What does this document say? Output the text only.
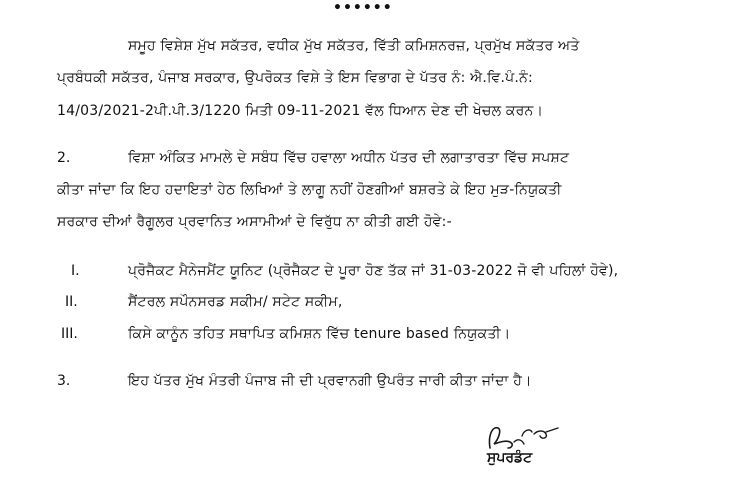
••••••
ਸਮੂਹ ਵਿਸ਼ੇਸ਼ ਮੁੱਖ ਸਕੱਤਰ, ਵਧੀਕ ਮੁੱਖ ਸਕੱਤਰ, ਵਿੱਤੀ ਕਮਿਸ਼ਨਰਜ਼, ਪ੍ਰਮੁੱਖ ਸਕੱਤਰ ਅਤੇ
ਪ੍ਰਬੰਧਕੀ ਸਕੱਤਰ, ਪੰਜਾਬ ਸਰਕਾਰ, ਉਪਰੋਕਤ ਵਿਸ਼ੇ ਤੇ ਇਸ ਵਿਭਾਗ ਦੇ ਪੱਤਰ ਨੰ: ਐ.ਵਿ.ਪੰ.ਨੰ:
14/03/2021-2ਪੀ.ਪੀ.3/1220 ਮਿਤੀ 09-11-2021 ਵੱਲ ਧਿਆਨ ਦੇਣ ਦੀ ਖੇਚਲ ਕਰਨ।
2.	ਵਿਸ਼ਾ ਅੰਕਿਤ ਮਾਮਲੇ ਦੇ ਸਬੰਧ ਵਿੱਚ ਹਵਾਲਾ ਅਧੀਨ ਪੱਤਰ ਦੀ ਲਗਾਤਾਰਤਾ ਵਿੱਚ ਸਪਸ਼ਟ
ਕੀਤਾ ਜਾਂਦਾ ਕਿ ਇਹ ਹਦਾਇਤਾਂ ਹੇਠ ਲਿਖਿਆਂ ਤੇ ਲਾਗੂ ਨਹੀਂ ਹੋਣਗੀਆਂ ਬਸ਼ਰਤੇ ਕੇ ਇਹ ਮੁੜ-ਨਿਯੁਕਤੀ
ਸਰਕਾਰ ਦੀਆਂ ਰੈਗੂਲਰ ਪ੍ਰਵਾਨਿਤ ਅਸਾਮੀਆਂ ਦੇ ਵਿਰੁੱਧ ਨਾ ਕੀਤੀ ਗਈ ਹੋਵੇ:-
I.	ਪ੍ਰੋਜੈਕਟ ਮੈਨੇਜਮੈਂਟ ਯੂਨਿਟ (ਪ੍ਰੋਜੈਕਟ ਦੇ ਪੂਰਾ ਹੋਣ ਤੱਕ ਜਾਂ 31-03-2022 ਜੋ ਵੀ ਪਹਿਲਾਂ ਹੋਵੇ),
II.	ਸੈਂਟਰਲ ਸਪੌਨਸਰਡ ਸਕੀਮ/ ਸਟੇਟ ਸਕੀਮ,
III.	ਕਿਸੇ ਕਾਨੂੰਨ ਤਹਿਤ ਸਥਾਪਿਤ ਕਮਿਸ਼ਨ ਵਿੱਚ tenure based ਨਿਯੁਕਤੀ।
3.	ਇਹ ਪੱਤਰ ਮੁੱਖ ਮੰਤਰੀ ਪੰਜਾਬ ਜੀ ਦੀ ਪ੍ਰਵਾਨਗੀ ਉਪਰੰਤ ਜਾਰੀ ਕੀਤਾ ਜਾਂਦਾ ਹੈ।
ਸੁਪਰਡੰਟ
